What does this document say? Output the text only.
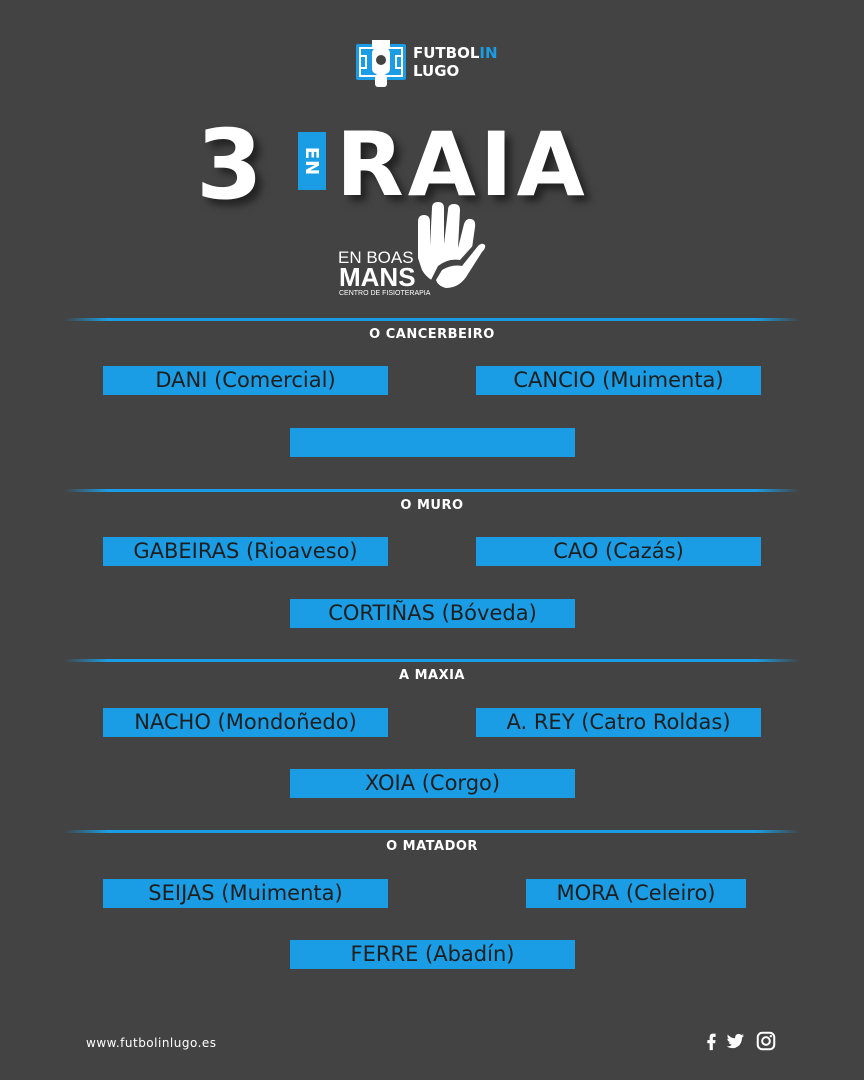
FUTBOLIN
LUGO
3	EN RAIA
EN BOAS
MANS
CENTRO DE FISIOTERAPIA
O CANCERBEIRO
DANI (Comercial)	CANCIO (Muimenta)
O MURO
GABEIRAS (Rioaveso)	CAO (Cazás)
CORTIÑAS (Bóveda)
A MAXIA
NACHO (Mondoñedo)	A. REY (Catro Roldas)
XOIA (Corgo)
O MATADOR
SEIJAS (Muimenta)	MORA (Celeiro)
FERRE (Abadín)
www.futbolinlugo.es
